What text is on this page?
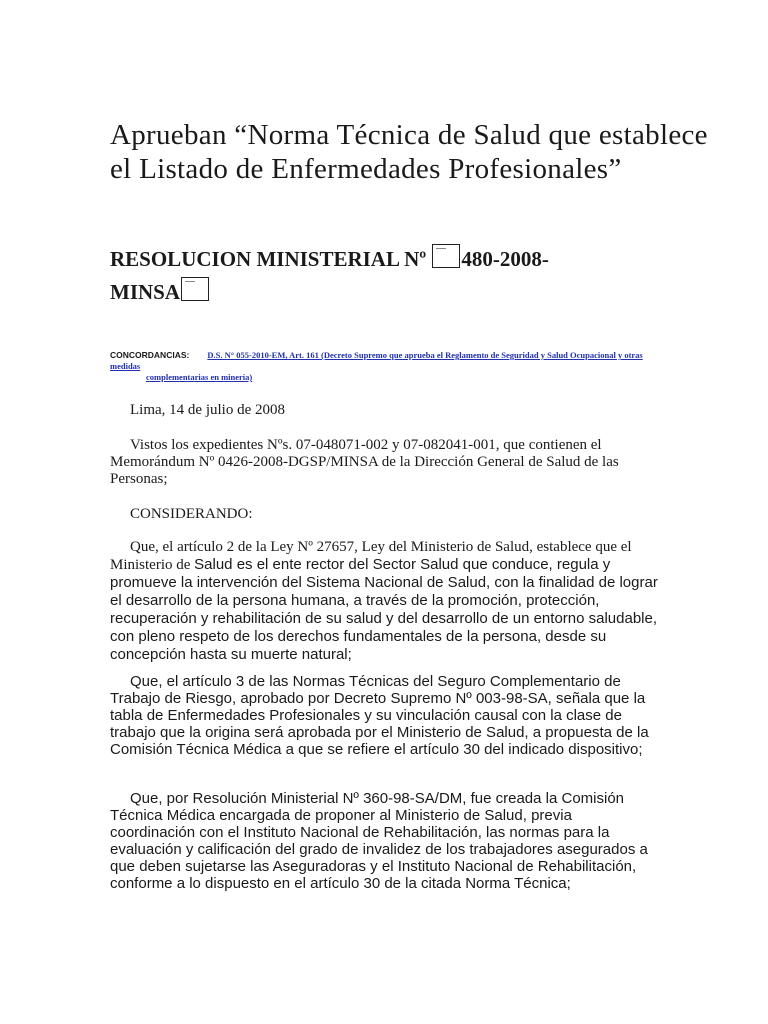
Aprueban “Norma Técnica de Salud que establece el Listado de Enfermedades Profesionales”
RESOLUCION MINISTERIAL Nº 480-2008-
MINSA
CONCORDANCIAS: D.S. N° 055-2010-EM, Art. 161 (Decreto Supremo que aprueba el Reglamento de Seguridad y Salud Ocupacional y otras medidas
complementarias en minería)

Lima, 14 de julio de 2008

Vistos los expedientes Nºs. 07-048071-002 y 07-082041-001, que contienen el Memorándum Nº 0426-2008-DGSP/MINSA de la Dirección General de Salud de las Personas;

CONSIDERANDO:

Que, el artículo 2 de la Ley Nº 27657, Ley del Ministerio de Salud, establece que el Ministerio de Salud es el ente rector del Sector Salud que conduce, regula y promueve la intervención del Sistema Nacional de Salud, con la finalidad de lograr el desarrollo de la persona humana, a través de la promoción, protección, recuperación y rehabilitación de su salud y del desarrollo de un entorno saludable, con pleno respeto de los derechos fundamentales de la persona, desde su concepción hasta su muerte natural;

Que, el artículo 3 de las Normas Técnicas del Seguro Complementario de Trabajo de Riesgo, aprobado por Decreto Supremo Nº 003-98-SA, señala que la tabla de Enfermedades Profesionales y su vinculación causal con la clase de trabajo que la origina será aprobada por el Ministerio de Salud, a propuesta de la Comisión Técnica Médica a que se refiere el artículo 30 del indicado dispositivo;

Que, por Resolución Ministerial Nº 360-98-SA/DM, fue creada la Comisión Técnica Médica encargada de proponer al Ministerio de Salud, previa coordinación con el Instituto Nacional de Rehabilitación, las normas para la evaluación y calificación del grado de invalidez de los trabajadores asegurados a que deben sujetarse las Aseguradoras y el Instituto Nacional de Rehabilitación, conforme a lo dispuesto en el artículo 30 de la citada Norma Técnica;
